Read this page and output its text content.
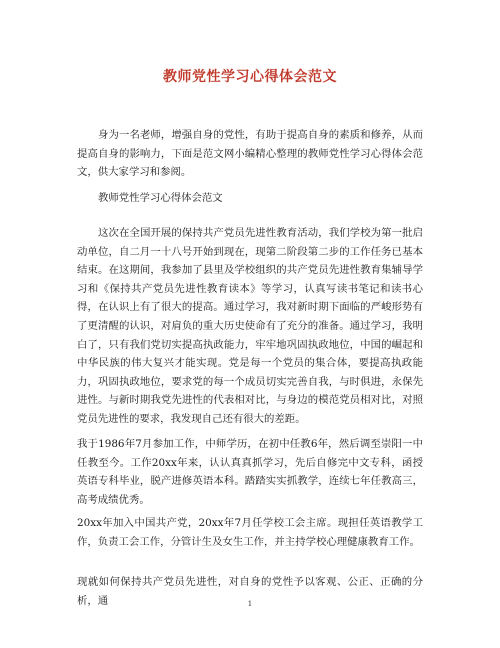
教师党性学习心得体会范文

身为一名老师，增强自身的党性，有助于提高自身的素质和修养，从而提高自身的影响力，下面是范文网小编精心整理的教师党性学习心得体会范文，供大家学习和参阅。

教师党性学习心得体会范文

这次在全国开展的保持共产党员先进性教育活动，我们学校为第一批启动单位，自二月一十八号开始到现在，现第二阶段第二步的工作任务已基本结束。在这期间，我参加了县里及学校组织的共产党员先进性教育集辅导学习和《保持共产党员先进性教育读本》等学习，认真写读书笔记和读书心得，在认识上有了很大的提高。通过学习，我对新时期下面临的严峻形势有了更清醒的认识，对肩负的重大历史使命有了充分的准备。通过学习，我明白了，只有我们党切实提高执政能力，牢牢地巩固执政地位，中国的崛起和中华民族的伟大复兴才能实现。党是每一个党员的集合体，要提高执政能力，巩固执政地位，要求党的每一个成员切实完善自我，与时俱进，永保先进性。与新时期我党先进性的代表相对比，与身边的模范党员相对比，对照党员先进性的要求，我发现自己还有很大的差距。

我于1986年7月参加工作，中师学历，在初中任教6年，然后调至崇阳一中任教至今。工作20xx年来，认认真真抓学习，先后自修完中文专科，函授英语专科毕业，脱产进修英语本科。踏踏实实抓教学，连续七年任教高三，高考成绩优秀。

20xx年加入中国共产党，20xx年7月任学校工会主席。现担任英语教学工作，负责工会工作，分管计生及女生工作，并主持学校心理健康教育工作。

现就如何保持共产党员先进性，对自身的党性予以客观、公正、正确的分析，通	1
